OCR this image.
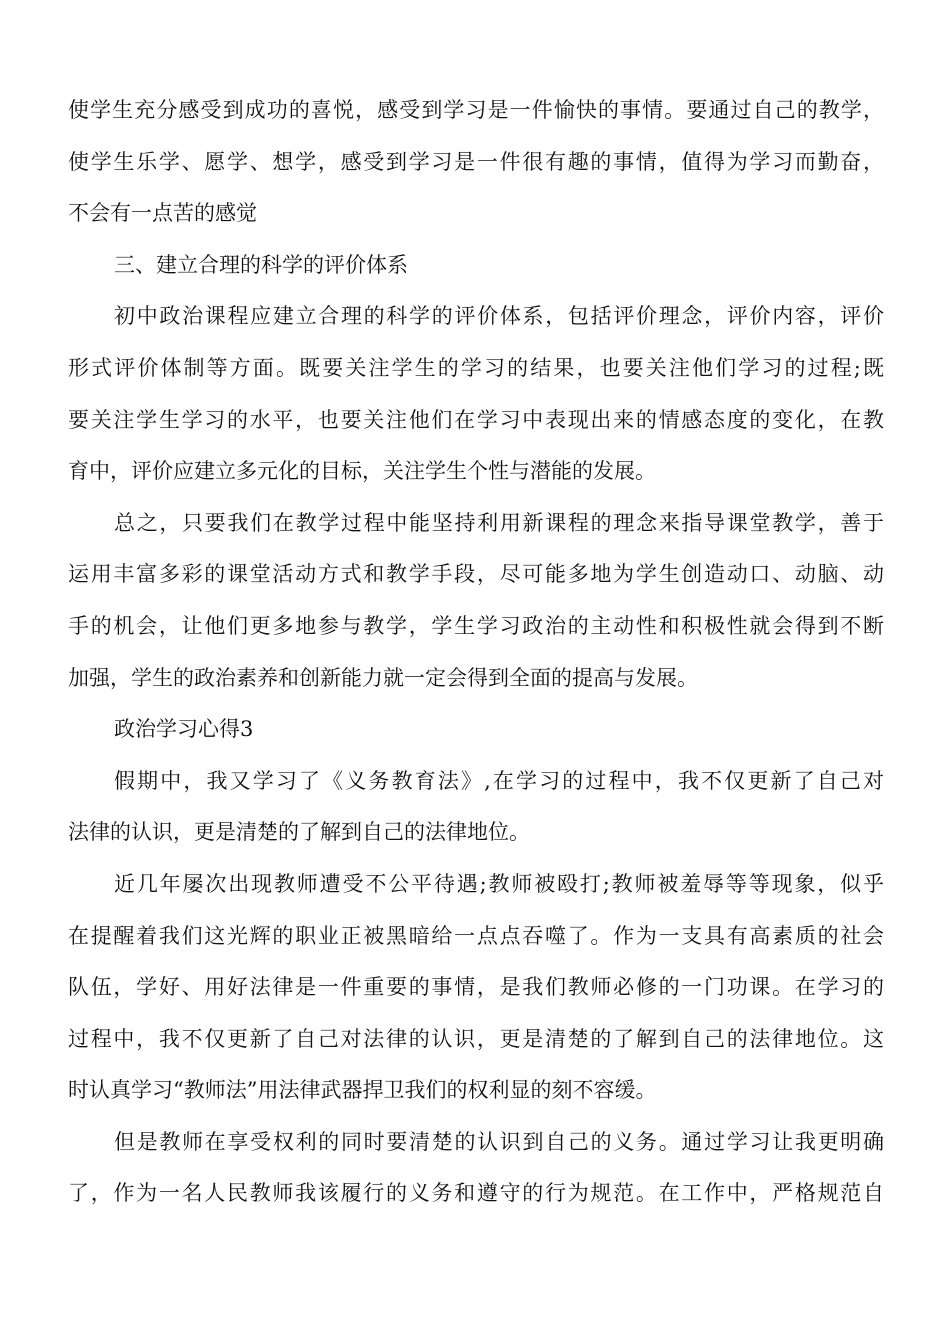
使学生充分感受到成功的喜悦，感受到学习是一件愉快的事情。要通过自己的教学，
使学生乐学、愿学、想学，感受到学习是一件很有趣的事情，值得为学习而勤奋，
不会有一点苦的感觉
三、建立合理的科学的评价体系
初中政治课程应建立合理的科学的评价体系，包括评价理念，评价内容，评价
形式评价体制等方面。既要关注学生的学习的结果，也要关注他们学习的过程;既
要关注学生学习的水平，也要关注他们在学习中表现出来的情感态度的变化，在教
育中，评价应建立多元化的目标，关注学生个性与潜能的发展。
总之，只要我们在教学过程中能坚持利用新课程的理念来指导课堂教学，善于
运用丰富多彩的课堂活动方式和教学手段，尽可能多地为学生创造动口、动脑、动
手的机会，让他们更多地参与教学，学生学习政治的主动性和积极性就会得到不断
加强，学生的政治素养和创新能力就一定会得到全面的提高与发展。
政治学习心得3
假期中，我又学习了《义务教育法》,在学习的过程中，我不仅更新了自己对
法律的认识，更是清楚的了解到自己的法律地位。
近几年屡次出现教师遭受不公平待遇;教师被殴打;教师被羞辱等等现象，似乎
在提醒着我们这光辉的职业正被黑暗给一点点吞噬了。作为一支具有高素质的社会
队伍，学好、用好法律是一件重要的事情，是我们教师必修的一门功课。在学习的
过程中，我不仅更新了自己对法律的认识，更是清楚的了解到自己的法律地位。这
时认真学习“教师法”用法律武器捍卫我们的权利显的刻不容缓。
但是教师在享受权利的同时要清楚的认识到自己的义务。通过学习让我更明确
了，作为一名人民教师我该履行的义务和遵守的行为规范。在工作中，严格规范自
